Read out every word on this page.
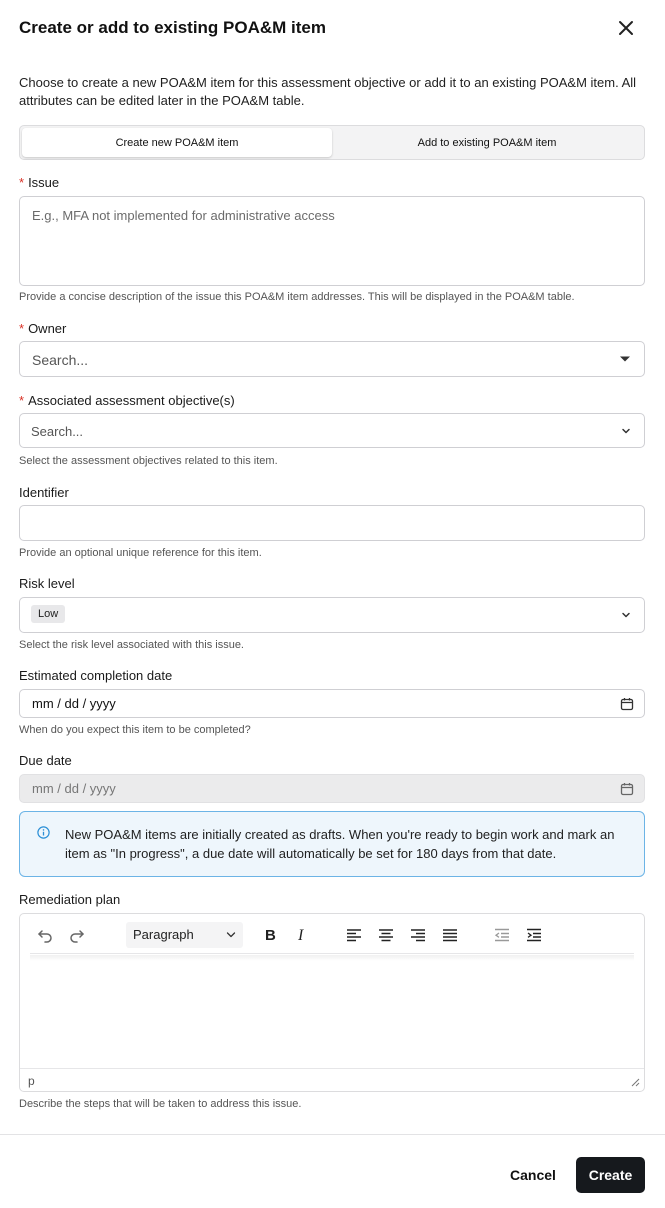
Create or add to existing POA&M item
Choose to create a new POA&M item for this assessment objective or add it to an existing POA&M item. All attributes can be edited later in the POA&M table.
Create new POA&M item	Add to existing POA&M item
* Issue
E.g., MFA not implemented for administrative access
Provide a concise description of the issue this POA&M item addresses. This will be displayed in the POA&M table.
* Owner
Search...
* Associated assessment objective(s)
Search...
Select the assessment objectives related to this item.
Identifier
Provide an optional unique reference for this item.
Risk level
Low
Select the risk level associated with this issue.
Estimated completion date
mm / dd / yyyy
When do you expect this item to be completed?
Due date
mm / dd / yyyy
New POA&M items are initially created as drafts. When you're ready to begin work and mark an item as "In progress", a due date will automatically be set for 180 days from that date.
Remediation plan
Paragraph	B I
p
Describe the steps that will be taken to address this issue.
Cancel	Create
